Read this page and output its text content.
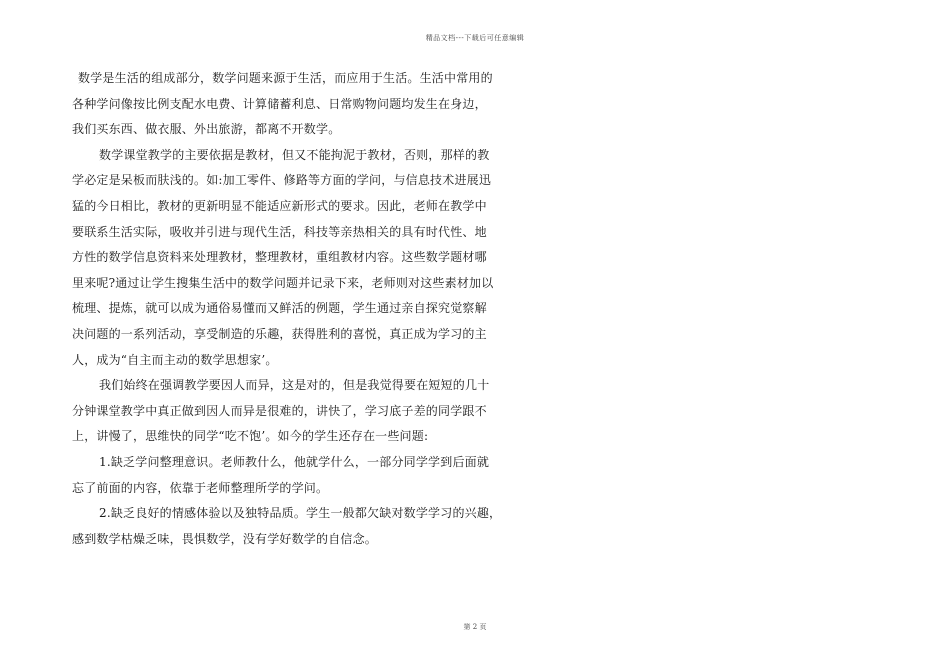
精品文档---下载后可任意编辑
数学是生活的组成部分，数学问题来源于生活，而应用于生活。生活中常用的
各种学问像按比例支配水电费、计算储蓄利息、日常购物问题均发生在身边，
我们买东西、做衣服、外出旅游，都离不开数学。
数学课堂教学的主要依据是教材，但又不能拘泥于教材，否则，那样的教
学必定是呆板而肤浅的。如:加工零件、修路等方面的学问，与信息技术进展迅
猛的今日相比，教材的更新明显不能适应新形式的要求。因此，老师在教学中
要联系生活实际，吸收并引进与现代生活，科技等亲热相关的具有时代性、地
方性的数学信息资料来处理教材，整理教材，重组教材内容。这些数学题材哪
里来呢?通过让学生搜集生活中的数学问题并记录下来，老师则对这些素材加以
梳理、提炼，就可以成为通俗易懂而又鲜活的例题，学生通过亲自探究觉察解
决问题的一系列活动，享受制造的乐趣，获得胜利的喜悦，真正成为学习的主
人，成为“自主而主动的数学思想家’。
我们始终在强调教学要因人而异，这是对的，但是我觉得要在短短的几十
分钟课堂教学中真正做到因人而异是很难的，讲快了，学习底子差的同学跟不
上，讲慢了，思维快的同学“吃不饱’。如今的学生还存在一些问题:
1.缺乏学问整理意识。老师教什么，他就学什么，一部分同学学到后面就
忘了前面的内容，依靠于老师整理所学的学问。
2.缺乏良好的情感体验以及独特品质。学生一般都欠缺对数学学习的兴趣，
感到数学枯燥乏味，畏惧数学，没有学好数学的自信念。
第 2 页
